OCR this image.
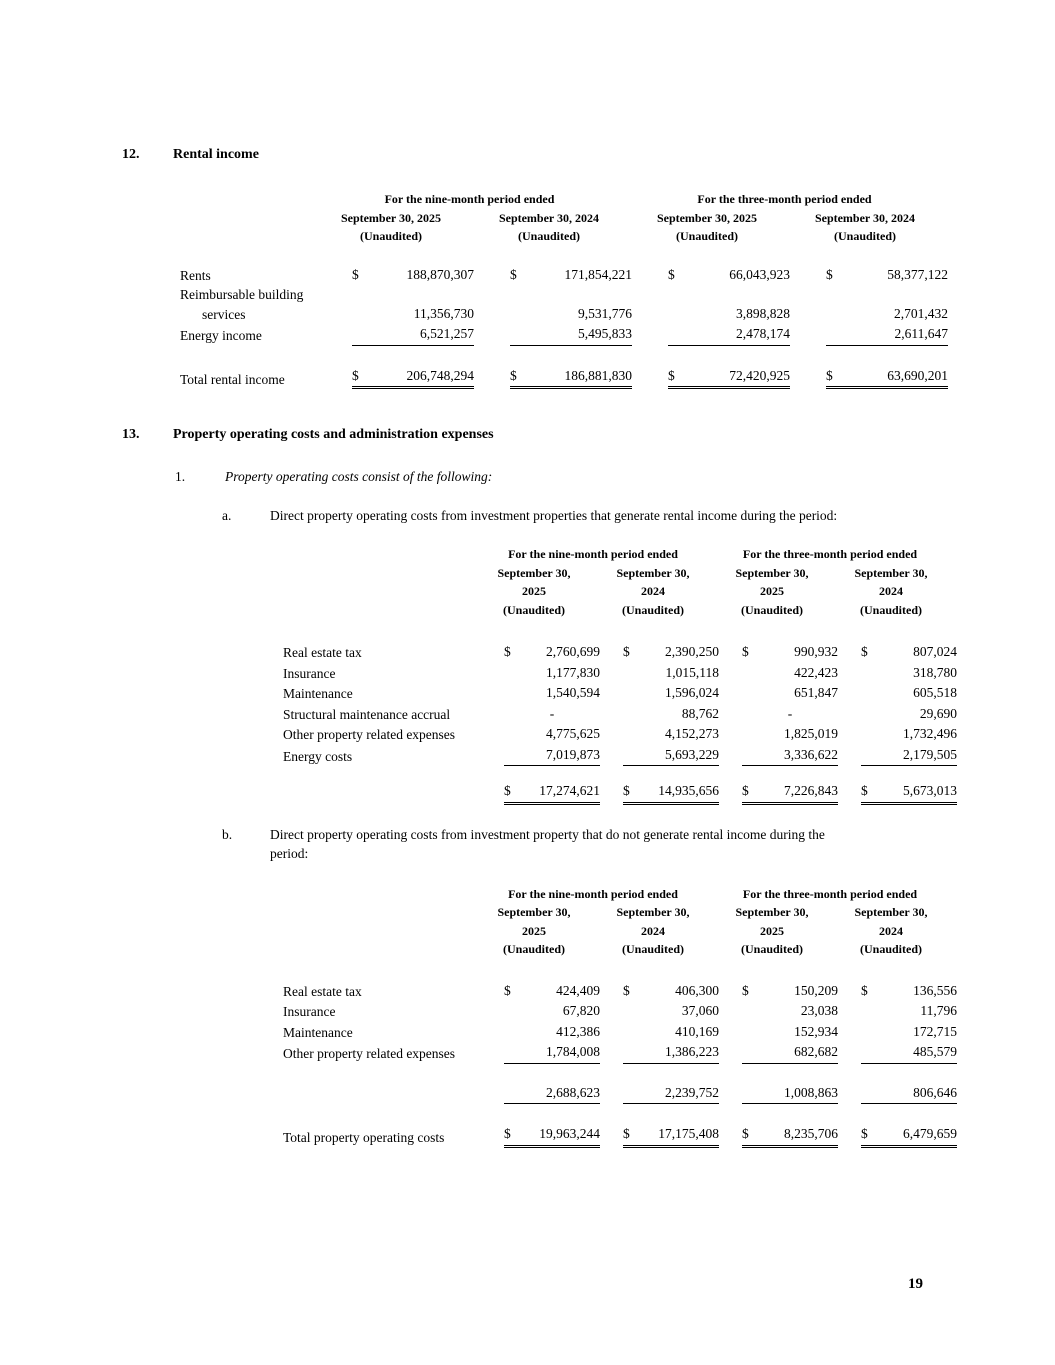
12.	Rental income
For the nine-month period ended	For the three-month period ended
September 30, 2025	September 30, 2024	September 30, 2025	September 30, 2024
(Unaudited)	(Unaudited)	(Unaudited)	(Unaudited)
Rents	$	188,870,307	$	171,854,221	$	66,043,923	$	58,377,122
Reimbursable building services	11,356,730	9,531,776	3,898,828	2,701,432
Energy income	6,521,257	5,495,833	2,478,174	2,611,647
Total rental income	$	206,748,294	$	186,881,830	$	72,420,925	$	63,690,201
13.	Property operating costs and administration expenses
1.	Property operating costs consist of the following:
a.	Direct property operating costs from investment properties that generate rental income during the period:
For the nine-month period ended	For the three-month period ended
September 30,	September 30,	September 30,	September 30,
2025	2024	2025	2024
(Unaudited)	(Unaudited)	(Unaudited)	(Unaudited)
Real estate tax	$	2,760,699 $	2,390,250 $	990,932 $	807,024
Insurance	1,177,830	1,015,118	422,423	318,780
Maintenance	1,540,594	1,596,024	651,847	605,518
Structural maintenance accrual	-	88,762	-	29,690
Other property related expenses	4,775,625	4,152,273	1,825,019	1,732,496
Energy costs	7,019,873	5,693,229	3,336,622	2,179,505
$ 17,274,621 $ 14,935,656 $	7,226,843 $	5,673,013
b.	Direct property operating costs from investment property that do not generate rental income during the period:
For the nine-month period ended	For the three-month period ended
September 30,	September 30,	September 30,	September 30,
2025	2024	2025	2024
(Unaudited)	(Unaudited)	(Unaudited)	(Unaudited)
Real estate tax	$	424,409 $	406,300 $	150,209 $	136,556
Insurance	67,820	37,060	23,038	11,796
Maintenance	412,386	410,169	152,934	172,715
Other property related expenses	1,784,008	1,386,223	682,682	485,579
2,688,623	2,239,752	1,008,863	806,646
Total property operating costs	$ 19,963,244 $ 17,175,408 $	8,235,706 $	6,479,659
19
